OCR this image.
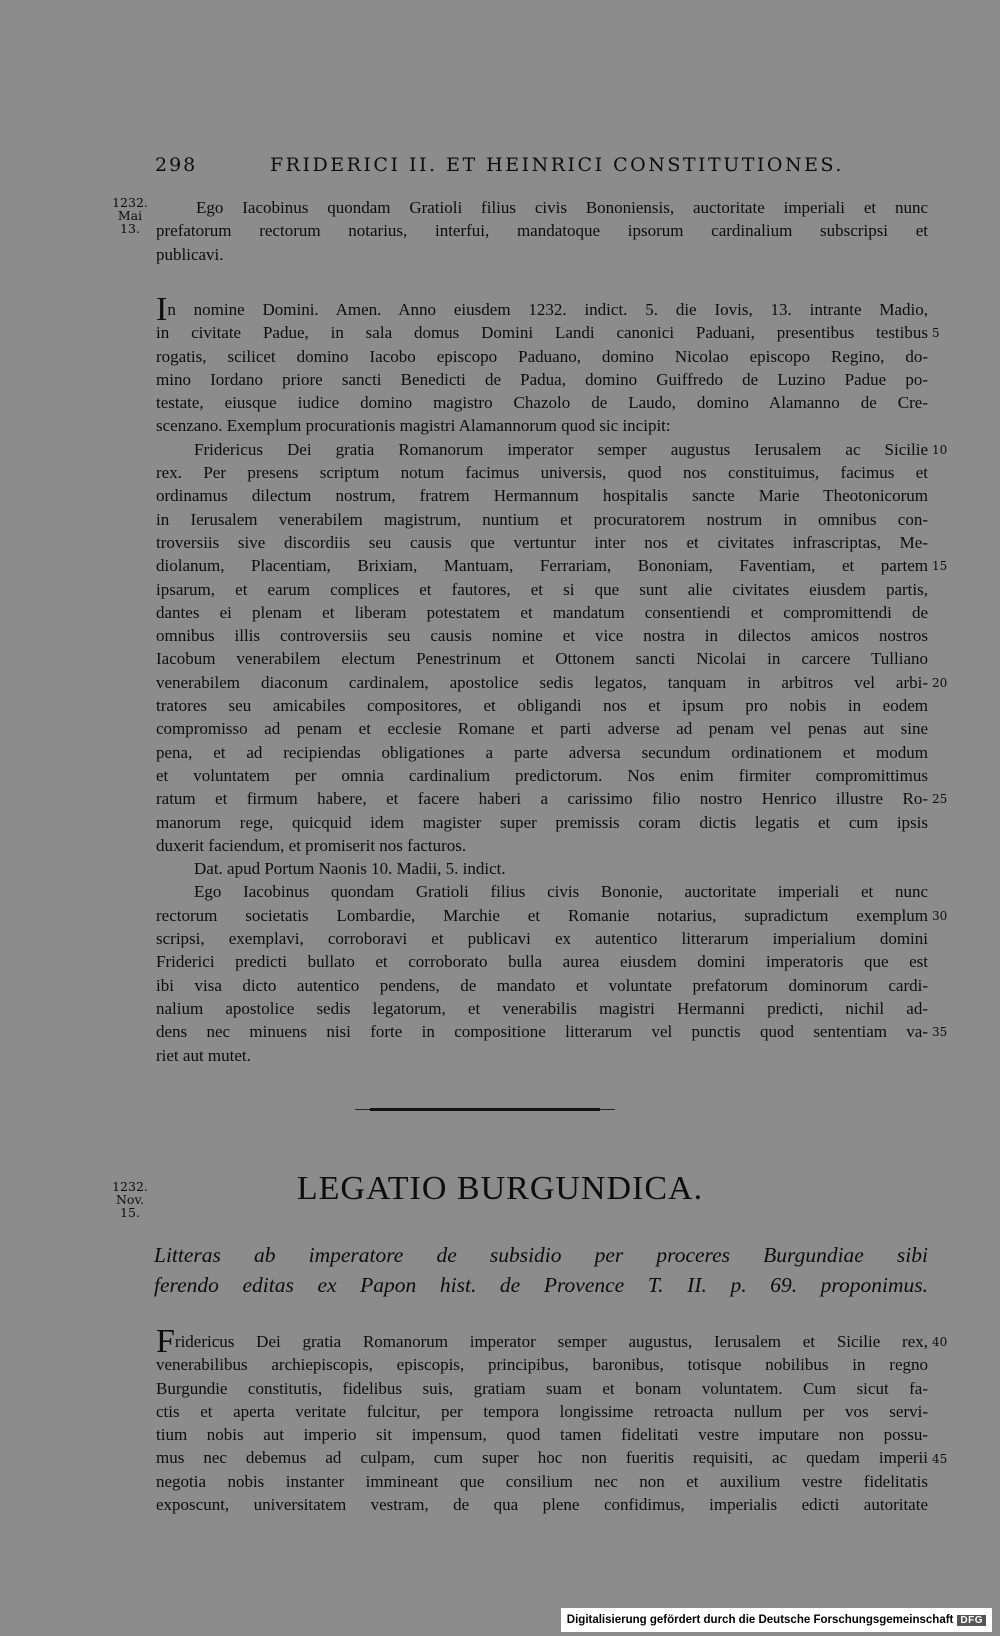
298	FRIDERICI II. ET HEINRICI CONSTITUTIONES.
1232.
Mai
13.
Ego Iacobinus quondam Gratioli filius civis Bononiensis, auctoritate imperiali et nunc
prefatorum rectorum notarius, interfui, mandatoque ipsorum cardinalium subscripsi et
publicavi.
In nomine Domini. Amen. Anno eiusdem 1232. indict. 5. die Iovis, 13. intrante Madio,
in civitate Padue, in sala domus Domini Landi canonici Paduani, presentibus testibus
rogatis, scilicet domino Iacobo episcopo Paduano, domino Nicolao episcopo Regino, do-
mino Iordano priore sancti Benedicti de Padua, domino Guiffredo de Luzino Padue po-
testate, eiusque iudice domino magistro Chazolo de Laudo, domino Alamanno de Cre-
scenzano. Exemplum procurationis magistri Alamannorum quod sic incipit:
Fridericus Dei gratia Romanorum imperator semper augustus Ierusalem ac Sicilie
rex. Per presens scriptum notum facimus universis, quod nos constituimus, facimus et
ordinamus dilectum nostrum, fratrem Hermannum hospitalis sancte Marie Theotonicorum
in Ierusalem venerabilem magistrum, nuntium et procuratorem nostrum in omnibus con-
troversiis sive discordiis seu causis que vertuntur inter nos et civitates infrascriptas, Me-
diolanum, Placentiam, Brixiam, Mantuam, Ferrariam, Bononiam, Faventiam, et partem
ipsarum, et earum complices et fautores, et si que sunt alie civitates eiusdem partis,
dantes ei plenam et liberam potestatem et mandatum consentiendi et compromittendi de
omnibus illis controversiis seu causis nomine et vice nostra in dilectos amicos nostros
Iacobum venerabilem electum Penestrinum et Ottonem sancti Nicolai in carcere Tulliano
venerabilem diaconum cardinalem, apostolice sedis legatos, tanquam in arbitros vel arbi-
tratores seu amicabiles compositores, et obligandi nos et ipsum pro nobis in eodem
compromisso ad penam et ecclesie Romane et parti adverse ad penam vel penas aut sine
pena, et ad recipiendas obligationes a parte adversa secundum ordinationem et modum
et voluntatem per omnia cardinalium predictorum. Nos enim firmiter compromittimus
ratum et firmum habere, et facere haberi a carissimo filio nostro Henrico illustre Ro-
manorum rege, quicquid idem magister super premissis coram dictis legatis et cum ipsis
duxerit faciendum, et promiserit nos facturos.
Dat. apud Portum Naonis 10. Madii, 5. indict.
Ego Iacobinus quondam Gratioli filius civis Bononie, auctoritate imperiali et nunc
rectorum societatis Lombardie, Marchie et Romanie notarius, supradictum exemplum
scripsi, exemplavi, corroboravi et publicavi ex autentico litterarum imperialium domini
Friderici predicti bullato et corroborato bulla aurea eiusdem domini imperatoris que est
ibi visa dicto autentico pendens, de mandato et voluntate prefatorum dominorum cardi-
nalium apostolice sedis legatorum, et venerabilis magistri Hermanni predicti, nichil ad-
dens nec minuens nisi forte in compositione litterarum vel punctis quod sententiam va-
riet aut mutet.
5
10
15
20
25
30
35
40
45
1232.
Nov.
15.
LEGATIO BURGUNDICA.
Litteras ab imperatore de subsidio per proceres Burgundiae sibi
ferendo editas ex Papon hist. de Provence T. II. p. 69. proponimus.
Fridericus Dei gratia Romanorum imperator semper augustus, Ierusalem et Sicilie rex,
venerabilibus archiepiscopis, episcopis, principibus, baronibus, totisque nobilibus in regno
Burgundie constitutis, fidelibus suis, gratiam suam et bonam voluntatem. Cum sicut fa-
ctis et aperta veritate fulcitur, per tempora longissime retroacta nullum per vos servi-
tium nobis aut imperio sit impensum, quod tamen fidelitati vestre imputare non possu-
mus nec debemus ad culpam, cum super hoc non fueritis requisiti, ac quedam imperii
negotia nobis instanter immineant que consilium nec non et auxilium vestre fidelitatis
exposcunt, universitatem vestram, de qua plene confidimus, imperialis edicti autoritate
Digitalisierung gefördert durch die Deutsche Forschungsgemeinschaft DFG
